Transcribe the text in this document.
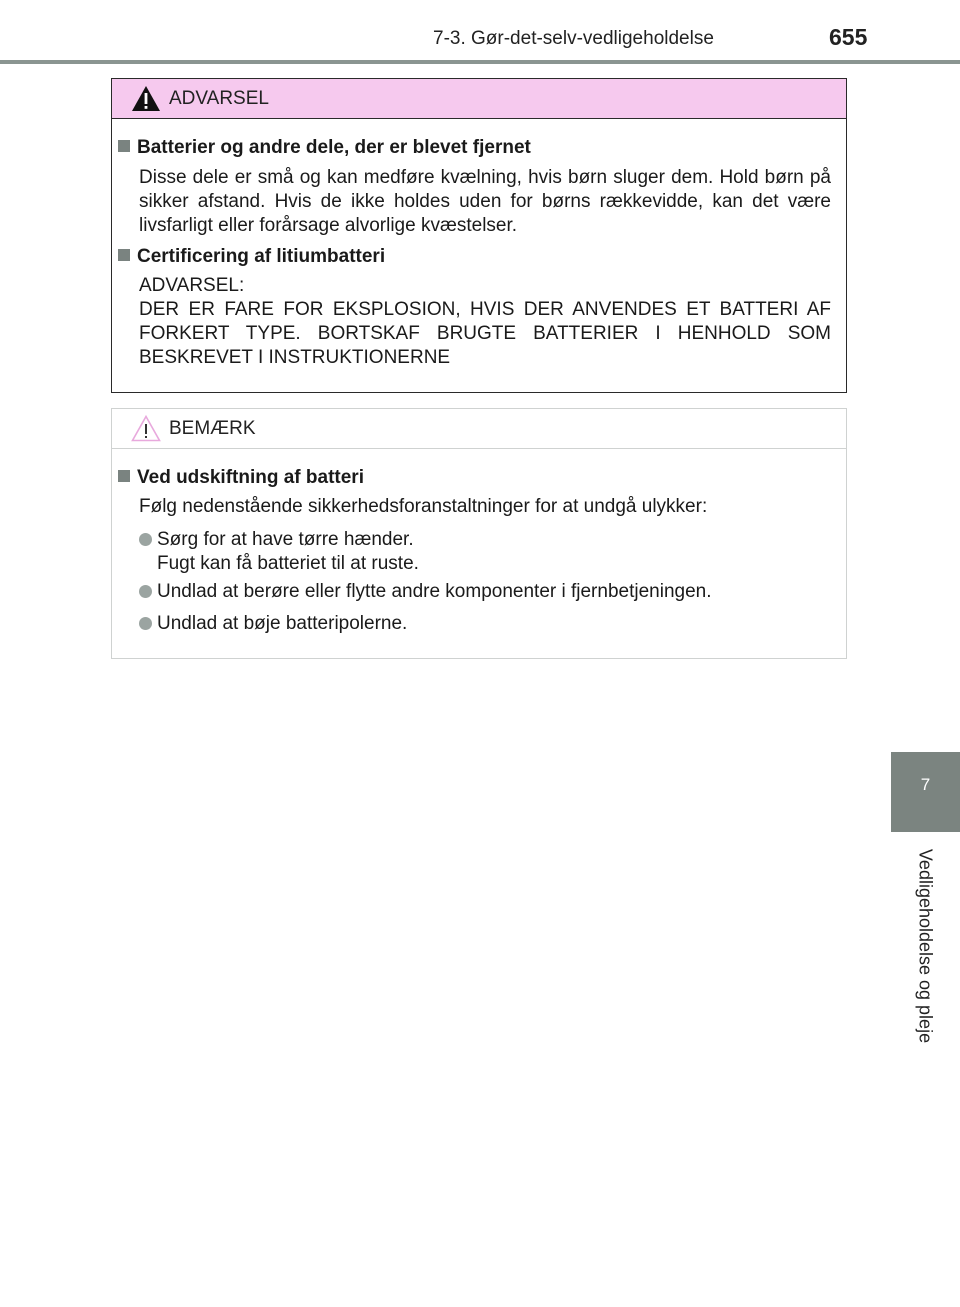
7-3. Gør-det-selv-vedligeholdelse	655
7
Vedligeholdelse og pleje
ADVARSEL
Batterier og andre dele, der er blevet fjernet
Disse dele er små og kan medføre kvælning, hvis børn sluger dem. Hold børn på sikker afstand. Hvis de ikke holdes uden for børns rækkevidde, kan det være livsfarligt eller forårsage alvorlige kvæstelser.
Certificering af litiumbatteri
ADVARSEL:
DER ER FARE FOR EKSPLOSION, HVIS DER ANVENDES ET BATTERI AF FORKERT TYPE. BORTSKAF BRUGTE BATTERIER I HENHOLD SOM BESKREVET I INSTRUKTIONERNE
BEMÆRK
Ved udskiftning af batteri
Følg nedenstående sikkerhedsforanstaltninger for at undgå ulykker:
Sørg for at have tørre hænder.
Fugt kan få batteriet til at ruste.
Undlad at berøre eller flytte andre komponenter i fjernbetjeningen.
Undlad at bøje batteripolerne.
